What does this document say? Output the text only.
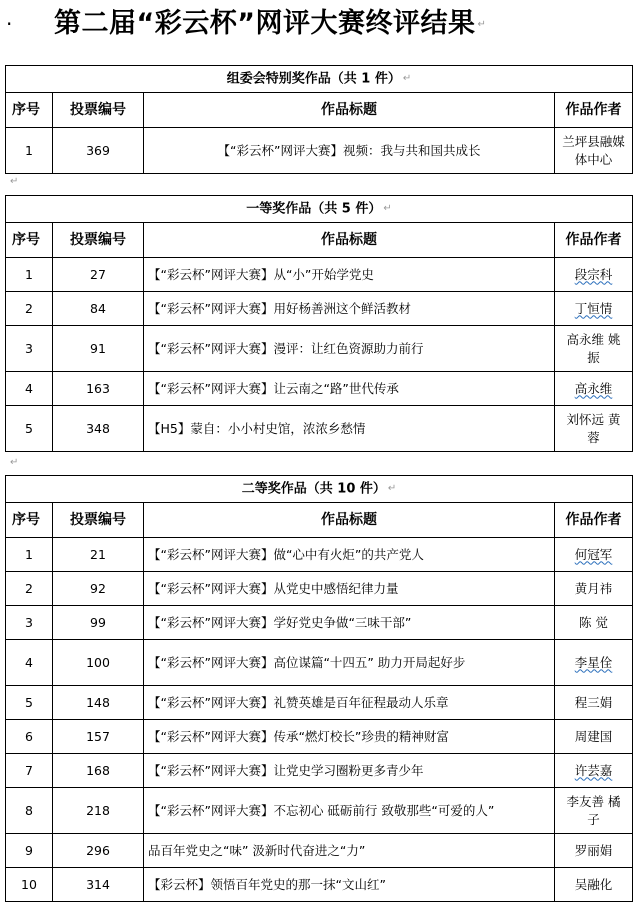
· 第二届“彩云杯”网评大赛终评结果 ↵
组委会特别奖作品（共 1 件） ↵			
序号	投票编号	作品标题	作品作者
1	369	【“彩云杯”网评大赛】视频：我与共和国共成长	兰坪县融媒体中心
↵
一等奖作品（共 5 件） ↵			
序号	投票编号	作品标题	作品作者
1	27	【“彩云杯”网评大赛】从“小”开始学党史	段宗科
2	84	【“彩云杯”网评大赛】用好杨善洲这个鲜活教材	丁恒情
3	91	【“彩云杯”网评大赛】漫评：让红色资源助力前行	高永维 姚 振
4	163	【“彩云杯”网评大赛】让云南之“路”世代传承	高永维
5	348	【H5】蒙自：小小村史馆，浓浓乡愁情	刘怀远 黄 蓉
↵
二等奖作品（共 10 件） ↵			
序号	投票编号	作品标题	作品作者
1	21	【“彩云杯”网评大赛】做“心中有火炬”的共产党人	何冠军
2	92	【“彩云杯”网评大赛】从党史中感悟纪律力量	黄月祎
3	99	【“彩云杯”网评大赛】学好党史争做“三味干部”	陈 觉
4	100	【“彩云杯”网评大赛】高位谋篇“十四五” 助力开局起好步	李星佺
5	148	【“彩云杯”网评大赛】礼赞英雄是百年征程最动人乐章	程三娟
6	157	【“彩云杯”网评大赛】传承“燃灯校长”珍贵的精神财富	周建国
7	168	【“彩云杯”网评大赛】让党史学习圈粉更多青少年	许芸嘉
8	218	【“彩云杯”网评大赛】不忘初心 砥砺前行 致敬那些“可爱的人”	李友善 橘 子
9	296	品百年党史之“味” 汲新时代奋进之“力”	罗丽娟
10	314	【彩云杯】领悟百年党史的那一抹“文山红”	吴融化
